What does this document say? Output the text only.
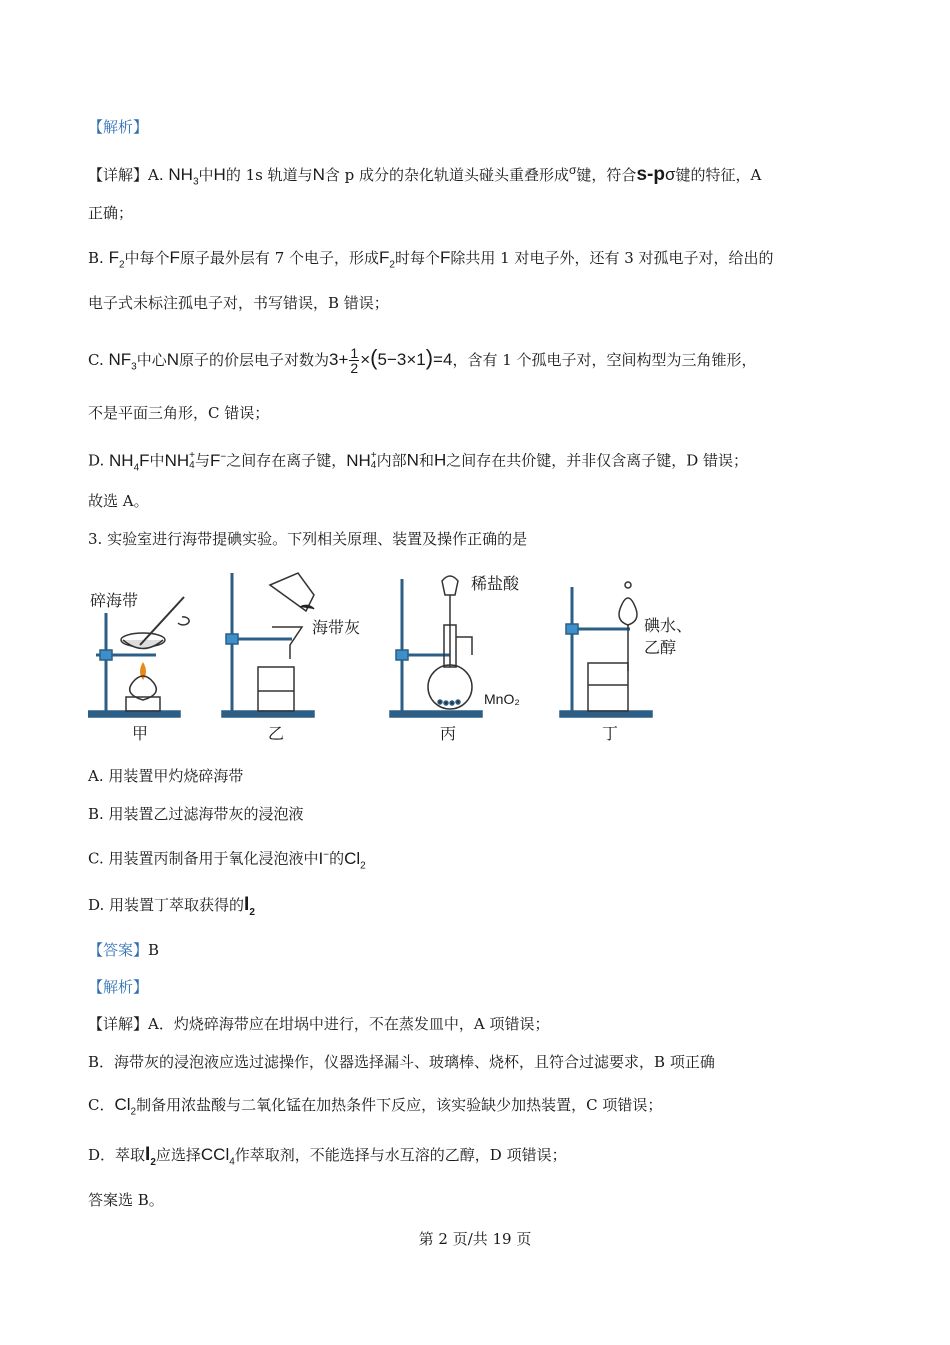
【解析】
【详解】A. $NH_3$中H的 1s 轨道与N含 p 成分的杂化轨道头碰头重叠形成$^\sigma$键，符合s-pσ键的特征，A
正确；
B. $F_2$中每个F原子最外层有 7 个电子，形成$F_2$时每个F除共用 1 对电子外，还有 3 对孤电子对，给出的
电子式未标注孤电子对，书写错误，B 错误；
C. $NF_3$中心N原子的价层电子对数为$3+ \frac{1}{2} \times(5-3\times 1)=4$，含有 1 个孤电子对，空间构型为三角锥形，
不是平面三角形，C 错误；
D. $NH_4F$中NH +
4 与F−之间存在离子键，NH +
4 内部N和H之间存在共价键，并非仅含离子键，D 错误；
故选 A。
3. 实验室进行海带提碘实验。下列相关原理、装置及操作正确的是
碎海带
甲
海带灰
乙
稀盐酸
MnO₂
丙
碘水、
乙醇
丁
A. 用装置甲灼烧碎海带
B. 用装置乙过滤海带灰的浸泡液
C. 用装置丙制备用于氧化浸泡液中I−的$Cl_2$
D. 用装置丁萃取获得的$I_2$
【答案】B
【解析】
【详解】A．灼烧碎海带应在坩埚中进行，不在蒸发皿中，A 项错误；
B．海带灰的浸泡液应选过滤操作，仪器选择漏斗、玻璃棒、烧杯，且符合过滤要求，B 项正确
C．$Cl_2$制备用浓盐酸与二氧化锰在加热条件下反应，该实验缺少加热装置，C 项错误；
D．萃取$I_2$应选择CCl$_4$作萃取剂，不能选择与水互溶的乙醇，D 项错误；
答案选 B。
第 2 页/共 19 页
